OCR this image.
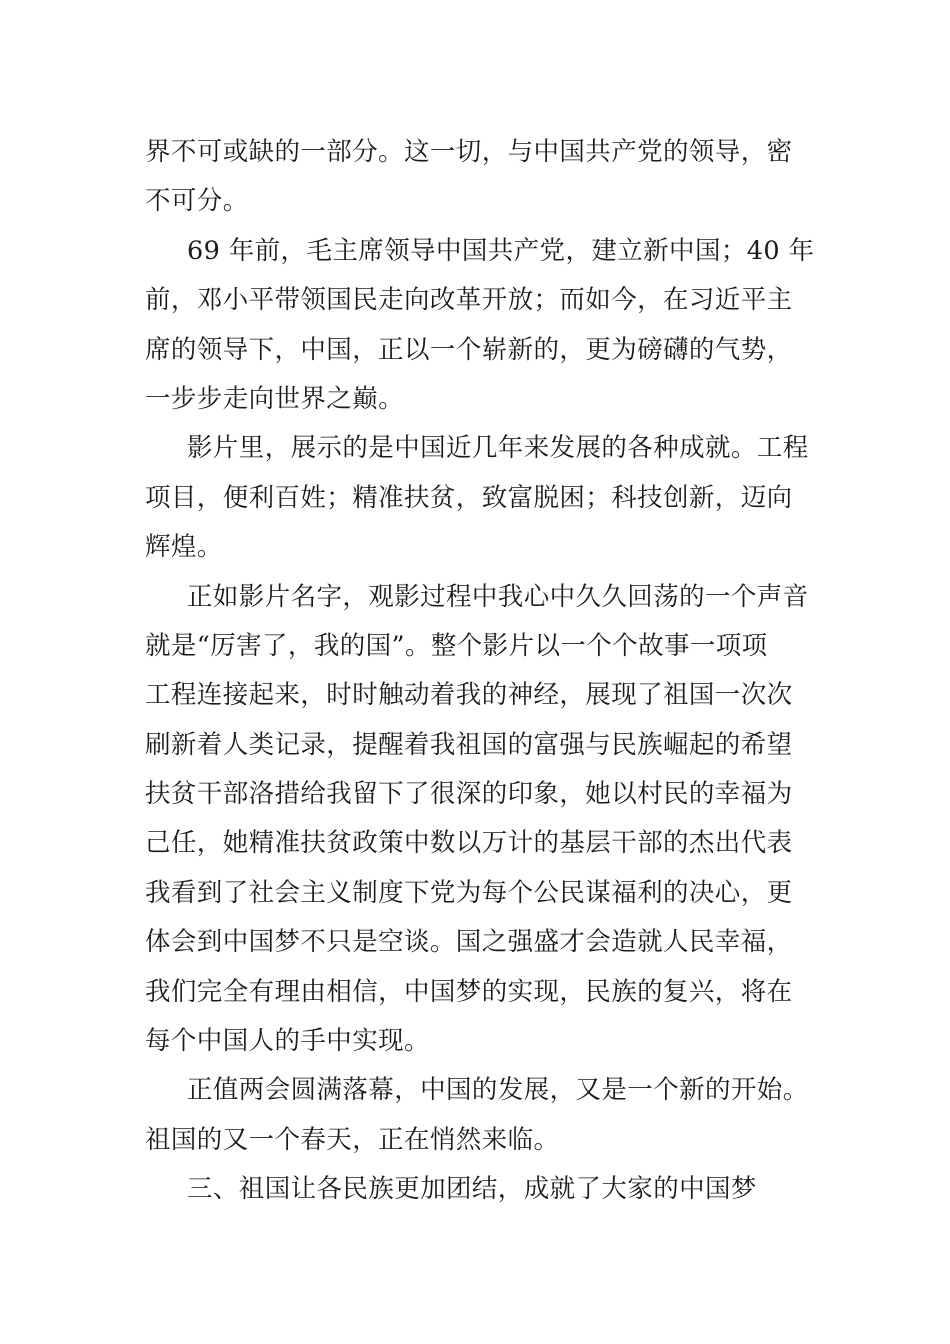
界不可或缺的一部分。这一切，与中国共产党的领导，密
不可分。
69 年前，毛主席领导中国共产党，建立新中国；40 年
前，邓小平带领国民走向改革开放；而如今，在习近平主
席的领导下，中国，正以一个崭新的，更为磅礴的气势，
一步步走向世界之巅。
影片里，展示的是中国近几年来发展的各种成就。工程
项目，便利百姓；精准扶贫，致富脱困；科技创新，迈向
辉煌。
正如影片名字，观影过程中我心中久久回荡的一个声音
就是“厉害了，我的国”。整个影片以一个个故事一项项
工程连接起来，时时触动着我的神经，展现了祖国一次次
刷新着人类记录，提醒着我祖国的富强与民族崛起的希望
扶贫干部洛措给我留下了很深的印象，她以村民的幸福为
己任，她精准扶贫政策中数以万计的基层干部的杰出代表
我看到了社会主义制度下党为每个公民谋福利的决心，更
体会到中国梦不只是空谈。国之强盛才会造就人民幸福，
我们完全有理由相信，中国梦的实现，民族的复兴，将在
每个中国人的手中实现。
正值两会圆满落幕，中国的发展，又是一个新的开始。
祖国的又一个春天，正在悄然来临。
三、祖国让各民族更加团结，成就了大家的中国梦
